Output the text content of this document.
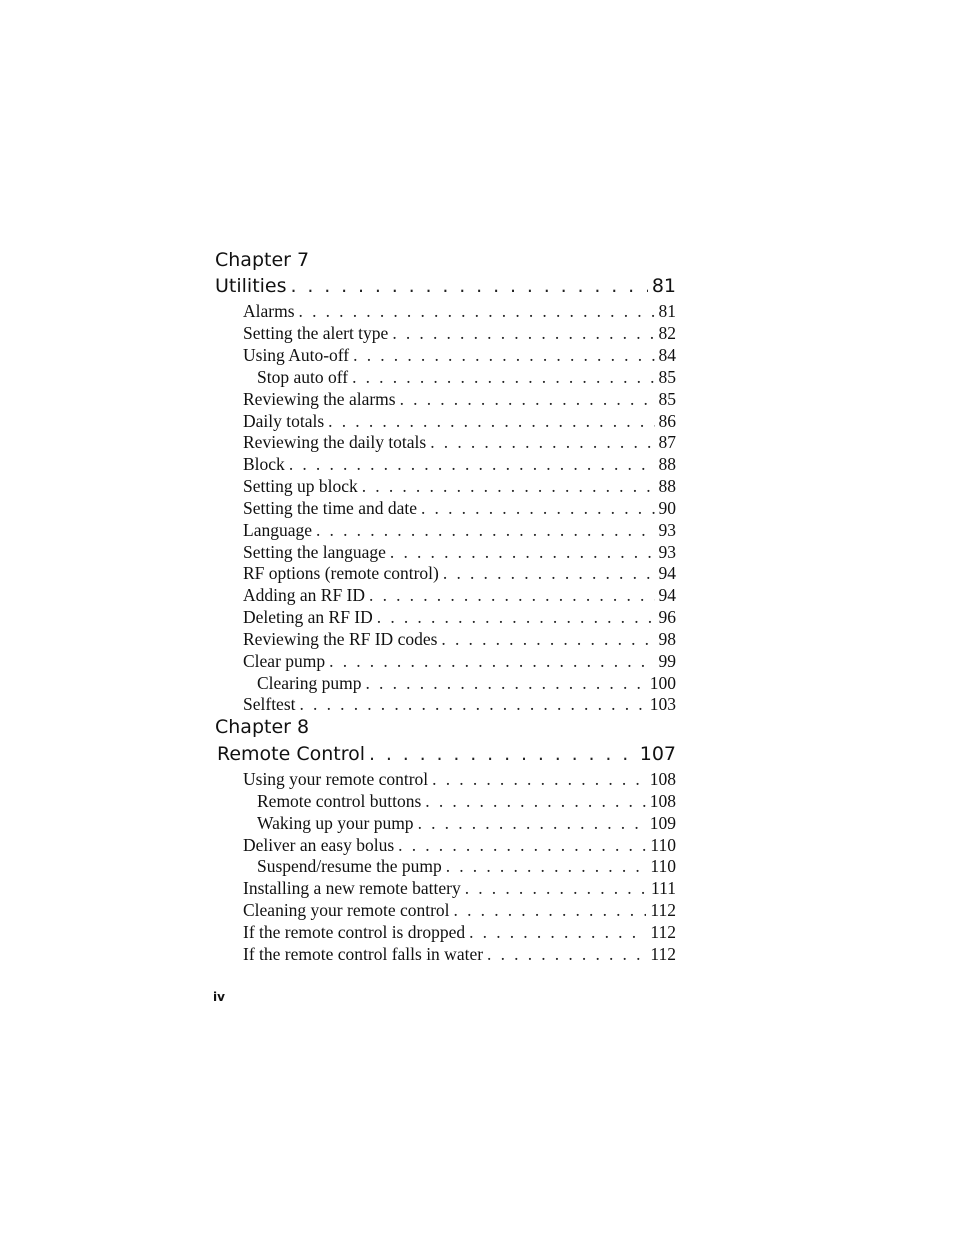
Chapter 7
Utilities . . .	81
Alarms . . .	81
Setting the alert type . . .	82
Using Auto-off . . .	84
Stop auto off . . .	85
Reviewing the alarms . . .	85
Daily totals . . .	86
Reviewing the daily totals . . .	87
Block . . .	88
Setting up block . . .	88
Setting the time and date . . .	90
Language . . .	93
Setting the language . . .	93
RF options (remote control) . . .	94
Adding an RF ID . . .	94
Deleting an RF ID . . .	96
Reviewing the RF ID codes . . .	98
Clear pump . . .	99
Clearing pump . . .	100
Selftest . . .	103
Chapter 8
Remote Control . . .	107
Using your remote control . . .	108
Remote control buttons . . .	108
Waking up your pump . . .	109
Deliver an easy bolus . . .	110
Suspend/resume the pump . . .	110
Installing a new remote battery . . .	111
Cleaning your remote control . . .	112
If the remote control is dropped . . .	112
If the remote control falls in water . . .	112
iv
